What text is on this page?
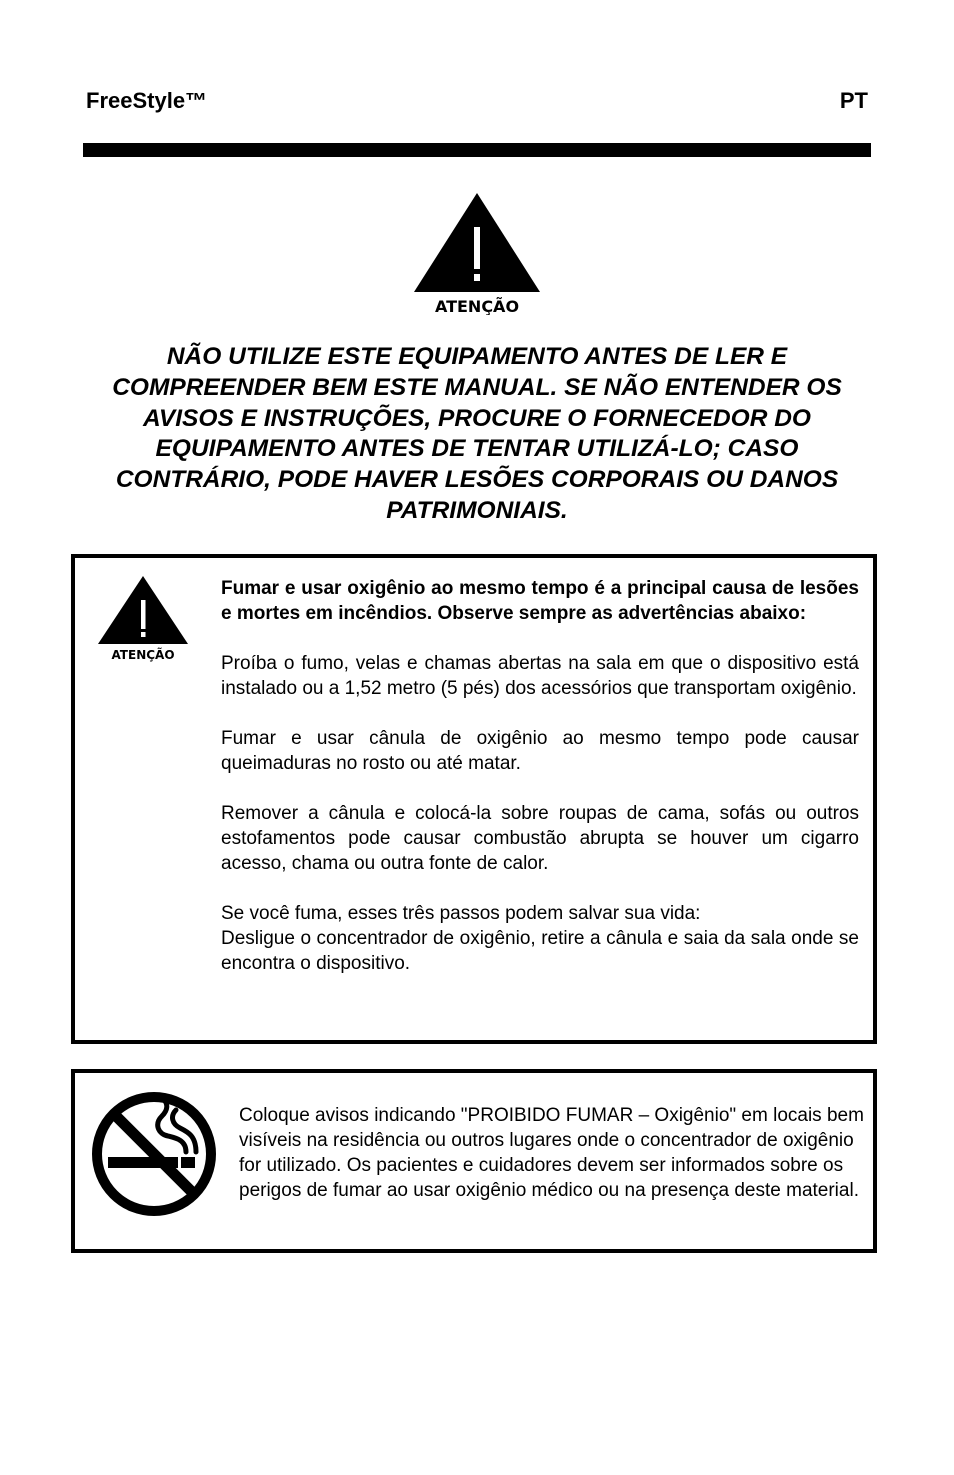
FreeStyle™	PT
ATENÇÃO
NÃO UTILIZE ESTE EQUIPAMENTO ANTES DE LER E COMPREENDER BEM ESTE MANUAL. SE NÃO ENTENDER OS AVISOS E INSTRUÇÕES, PROCURE O FORNECEDOR DO EQUIPAMENTO ANTES DE TENTAR UTILIZÁ-LO; CASO CONTRÁRIO, PODE HAVER LESÕES CORPORAIS OU DANOS PATRIMONIAIS.
ATENÇÃO

Fumar e usar oxigênio ao mesmo tempo é a principal causa de lesões e mortes em incêndios. Observe sempre as advertências abaixo:

Proíba o fumo, velas e chamas abertas na sala em que o dispositivo está instalado ou a 1,52 metro (5 pés) dos acessórios que transportam oxigênio.

Fumar e usar cânula de oxigênio ao mesmo tempo pode causar queimaduras no rosto ou até matar.

Remover a cânula e colocá-la sobre roupas de cama, sofás ou outros estofamentos pode causar combustão abrupta se houver um cigarro acesso, chama ou outra fonte de calor.

Se você fuma, esses três passos podem salvar sua vida:
Desligue o concentrador de oxigênio, retire a cânula e saia da sala onde se encontra o dispositivo.

Coloque avisos indicando "PROIBIDO FUMAR – Oxigênio" em locais bem visíveis na residência ou outros lugares onde o concentrador de oxigênio for utilizado. Os pacientes e cuidadores devem ser informados sobre os perigos de fumar ao usar oxigênio médico ou na presença deste material.
